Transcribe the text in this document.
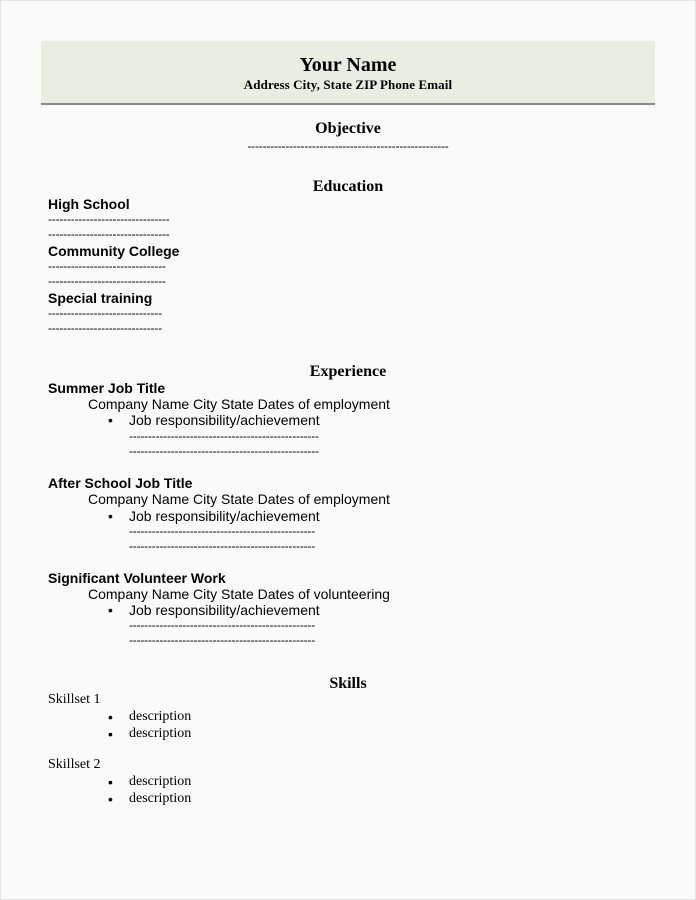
Your Name
Address City, State ZIP Phone Email
Objective
-----------------------------------------------------
Education
High School
--------------------------------
--------------------------------
Community College
-------------------------------
-------------------------------
Special training
------------------------------
------------------------------
Experience
Summer Job Title
Company Name City State Dates of employment
• Job responsibility/achievement
--------------------------------------------------
--------------------------------------------------
After School Job Title
Company Name City State Dates of employment
• Job responsibility/achievement
-------------------------------------------------
-------------------------------------------------
Significant Volunteer Work
Company Name City State Dates of volunteering
• Job responsibility/achievement
-------------------------------------------------
-------------------------------------------------
Skills
Skillset 1
• description
• description
Skillset 2
• description
• description
